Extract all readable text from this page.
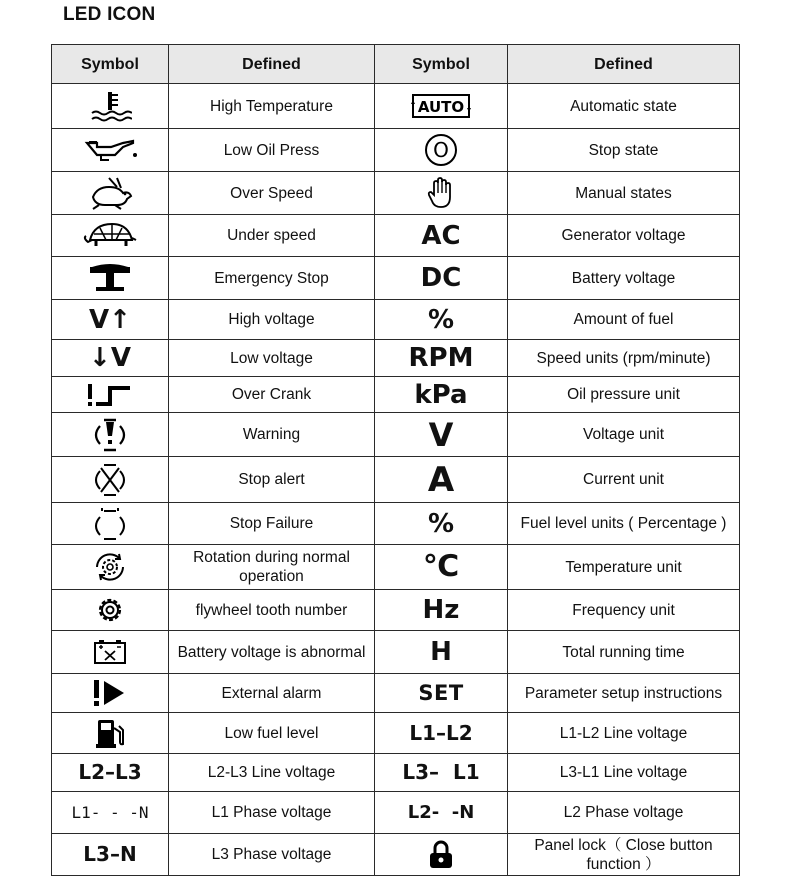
LED ICON
Symbol	Defined	Symbol	Defined

	High Temperature	AUTO	Automatic state

	Low Oil Press	O	Stop state

	Over Speed		Manual states

	Under speed	AC	Generator voltage

	Emergency Stop	DC	Battery voltage
V↑	High voltage	%	Amount of fuel
↓V	Low voltage	RPM	Speed units (rpm/minute)

	Over Crank	kPa	Oil pressure unit

	Warning	V	Voltage unit

	Stop alert	A	Current unit

	Stop Failure	%	Fuel level units ( Percentage )

	Rotation during normal operation	℃	Temperature unit

	flywheel tooth number	Hz	Frequency unit

	Battery voltage is abnormal	H	Total running time

	External alarm	SET	Parameter setup instructions

	Low fuel level	L1–L2	L1-L2 Line voltage
L2–L3	L2-L3 Line voltage	L3–  L1	L3-L1 Line voltage
L1- - -N	L1 Phase voltage	L2-  -N	L2 Phase voltage
L3–N	L3 Phase voltage		Panel lock（ Close button function ）
